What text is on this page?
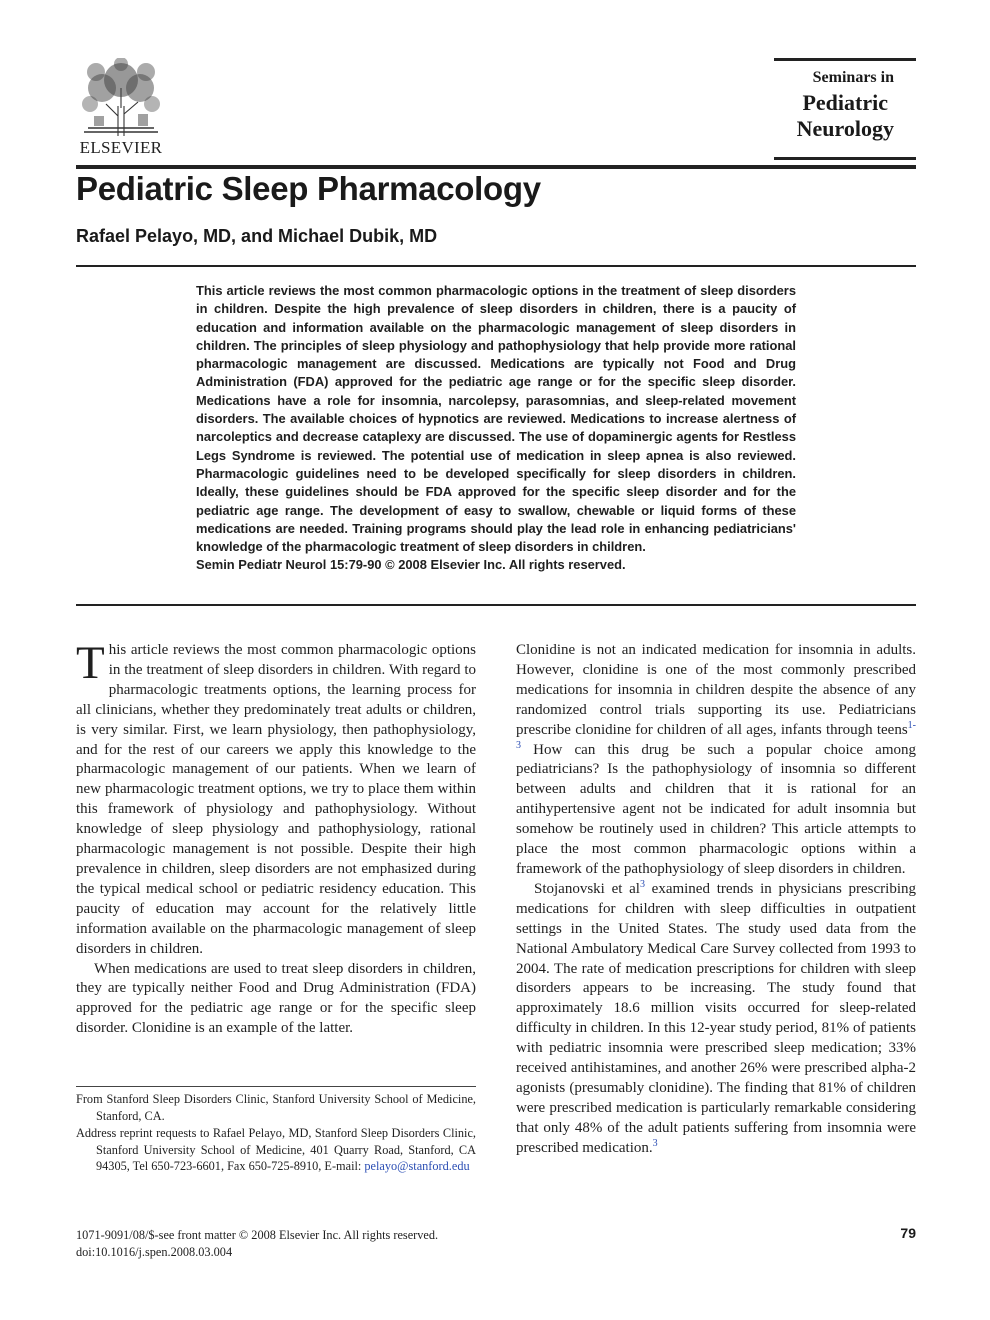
ELSEVIER
Seminars in
Pediatric
Neurology
Pediatric Sleep Pharmacology
Rafael Pelayo, MD, and Michael Dubik, MD
This article reviews the most common pharmacologic options in the treatment of sleep disorders in children. Despite the high prevalence of sleep disorders in children, there is a paucity of education and information available on the pharmacologic management of sleep disorders in children. The principles of sleep physiology and pathophysiology that help provide more rational pharmacologic management are discussed. Medications are typically not Food and Drug Administration (FDA) approved for the pediatric age range or for the specific sleep disorder. Medications have a role for insomnia, narcolepsy, parasomnias, and sleep-related movement disorders. The available choices of hypnotics are reviewed. Medications to increase alertness of narcoleptics and decrease cataplexy are discussed. The use of dopaminergic agents for Restless Legs Syndrome is reviewed. The potential use of medication in sleep apnea is also reviewed. Pharmacologic guidelines need to be developed specifically for sleep disorders in children. Ideally, these guidelines should be FDA approved for the specific sleep disorder and for the pediatric age range. The development of easy to swallow, chewable or liquid forms of these medications are needed. Training programs should play the lead role in enhancing pediatricians' knowledge of the pharmacologic treatment of sleep disorders in children.
Semin Pediatr Neurol 15:79-90 © 2008 Elsevier Inc. All rights reserved.

This article reviews the most common pharmacologic options in the treatment of sleep disorders in children. With regard to pharmacologic treatments options, the learning process for all clinicians, whether they predominately treat adults or children, is very similar. First, we learn physiology, then pathophysiology, and for the rest of our careers we apply this knowledge to the pharmacologic management of our patients. When we learn of new pharmacologic treatment options, we try to place them within this framework of physiology and pathophysiology. Without knowledge of sleep physiology and pathophysiology, rational pharmacologic management is not possible. Despite their high prevalence in children, sleep disorders are not emphasized during the typical medical school or pediatric residency education. This paucity of education may account for the relatively little information available on the pharmacologic management of sleep disorders in children.

When medications are used to treat sleep disorders in children, they are typically neither Food and Drug Administration (FDA) approved for the pediatric age range or for the specific sleep disorder. Clonidine is an example of the latter.

From Stanford Sleep Disorders Clinic, Stanford University School of Medicine, Stanford, CA.

Address reprint requests to Rafael Pelayo, MD, Stanford Sleep Disorders Clinic, Stanford University School of Medicine, 401 Quarry Road, Stanford, CA 94305, Tel 650-723-6601, Fax 650-725-8910, E-mail: pelayo@stanford.edu

Clonidine is not an indicated medication for insomnia in adults. However, clonidine is one of the most commonly prescribed medications for insomnia in children despite the absence of any randomized control trials supporting its use. Pediatricians prescribe clonidine for children of all ages, infants through teens$^{1-3}$ How can this drug be such a popular choice among pediatricians? Is the pathophysiology of insomnia so different between adults and children that it is rational for an antihypertensive agent not be indicated for adult insomnia but somehow be routinely used in children? This article attempts to place the most common pharmacologic options within a framework of the pathophysiology of sleep disorders in children.

Stojanovski et $al^3$ examined trends in physicians prescribing medications for children with sleep difficulties in outpatient settings in the United States. The study used data from the National Ambulatory Medical Care Survey collected from 1993 to 2004. The rate of medication prescriptions for children with sleep disorders appears to be increasing. The study found that approximately 18.6 million visits occurred for sleep-related difficulty in children. In this 12-year study period, 81% of patients with pediatric insomnia were prescribed sleep medication; 33% received antihistamines, and another 26% were prescribed alpha-2 agonists (presumably clonidine). The finding that 81% of children were prescribed medication is particularly remarkable considering that only 48% of the adult patients suffering from insomnia were prescribed medication.$^3$

1071-9091/08/$-see front matter © 2008 Elsevier Inc. All rights reserved.
doi:10.1016/j.spen.2008.03.004
79
